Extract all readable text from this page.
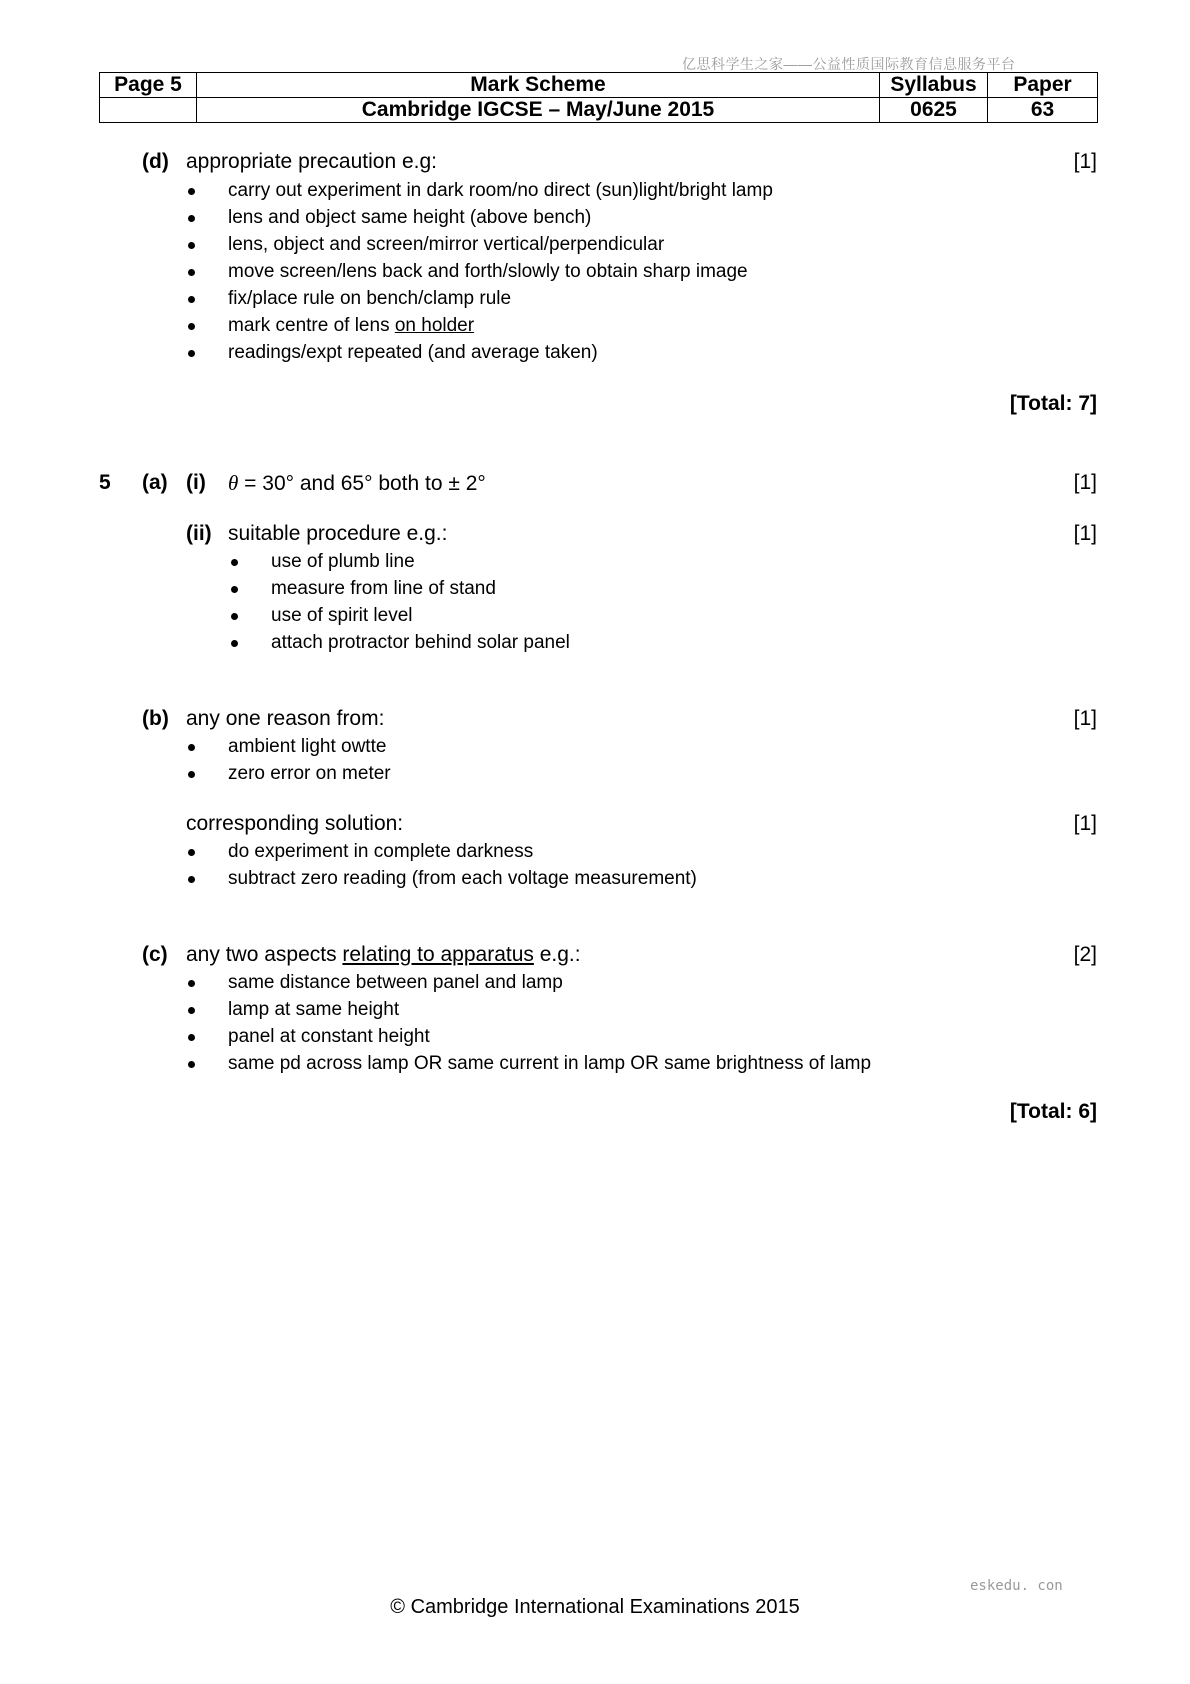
亿思科学生之家——公益性质国际教育信息服务平台
Page 5	Mark Scheme	Syllabus	Paper
	Cambridge IGCSE – May/June 2015	0625	63
(d) appropriate precaution e.g:	[1]
carry out experiment in dark room/no direct (sun)light/bright lamp
lens and object same height (above bench)
lens, object and screen/mirror vertical/perpendicular
move screen/lens back and forth/slowly to obtain sharp image
fix/place rule on bench/clamp rule
mark centre of lens on holder
readings/expt repeated (and average taken)
[Total: 7]
5 (a) (i) θ = 30° and 65° both to ± 2°	[1]
(ii) suitable procedure e.g.:	[1]
use of plumb line
measure from line of stand
use of spirit level
attach protractor behind solar panel
(b) any one reason from:	[1]
ambient light owtte
zero error on meter
corresponding solution:	[1]
do experiment in complete darkness
subtract zero reading (from each voltage measurement)
(c) any two aspects relating to apparatus e.g.:	[2]
same distance between panel and lamp
lamp at same height
panel at constant height
same pd across lamp OR same current in lamp OR same brightness of lamp
[Total: 6]
eskedu. con
© Cambridge International Examinations 2015
